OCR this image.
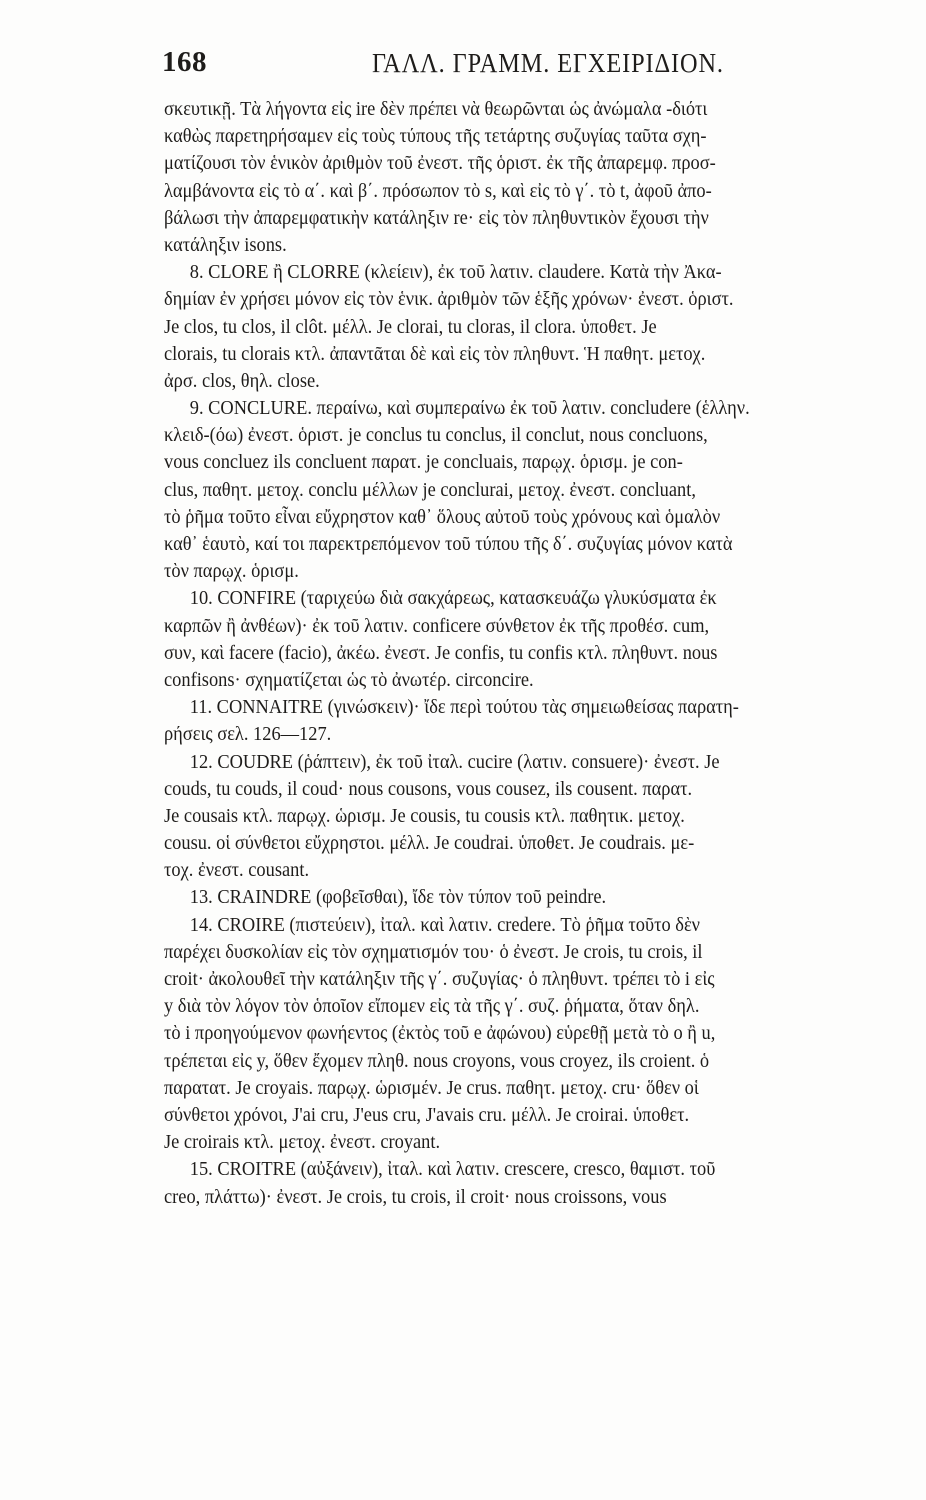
168	ΓΑΛΛ. ΓΡΑΜΜ. ΕΓΧΕΙΡΙΔΙΟΝ.
σκευτικῇ. Τὰ λήγοντα εἰς ire δὲν πρέπει νὰ θεωρῶνται ὡς ἀνώμαλα -διότι
καθὼς παρετηρήσαμεν εἰς τοὺς τύπους τῆς τετάρτης συζυγίας ταῦτα σχη-
ματίζουσι τὸν ἑνικὸν ἀριθμὸν τοῦ ἐνεστ. τῆς ὁριστ. ἐκ τῆς ἀπαρεμφ. προσ-
λαμβάνοντα εἰς τὸ α΄. καὶ β΄. πρόσωπον τὸ s, καὶ εἰς τὸ γ΄. τὸ t, ἀφοῦ ἀπο-
βάλωσι τὴν ἀπαρεμφατικὴν κατάληξιν re· εἰς τὸν πληθυντικὸν ἔχουσι τὴν
κατάληξιν isons.
8. CLORE ἢ CLORRE (κλείειν), ἐκ τοῦ λατιν. claudere. Κατὰ τὴν Ἀκα-
δημίαν ἐν χρήσει μόνον εἰς τὸν ἑνικ. ἀριθμὸν τῶν ἑξῆς χρόνων· ἐνεστ. ὁριστ.
Je clos, tu clos, il clôt. μέλλ. Je clorai, tu cloras, il clora. ὑποθετ. Je
clorais, tu clorais κτλ. ἀπαντᾶται δὲ καὶ εἰς τὸν πληθυντ. Ἡ παθητ. μετοχ.
ἀρσ. clos, θηλ. close.
9. CONCLURE. περαίνω, καὶ συμπεραίνω ἐκ τοῦ λατιν. concludere (ἑλλην.
κλειδ-(όω) ἐνεστ. ὁριστ. je conclus tu conclus, il conclut, nous concluons,
vous concluez ils concluent παρατ. je concluais, παρῳχ. ὁρισμ. je con-
clus, παθητ. μετοχ. conclu μέλλων je conclurai, μετοχ. ἐνεστ. concluant,
τὸ ῥῆμα τοῦτο εἶναι εὔχρηστον καθ᾽ ὅλους αὐτοῦ τοὺς χρόνους καὶ ὁμαλὸν
καθ᾽ ἑαυτὸ, καί τοι παρεκτρεπόμενον τοῦ τύπου τῆς δ΄. συζυγίας μόνον κατὰ
τὸν παρῳχ. ὁρισμ.
10. CONFIRE (ταριχεύω διὰ σακχάρεως, κατασκευάζω γλυκύσματα ἐκ
καρπῶν ἢ ἀνθέων)· ἐκ τοῦ λατιν. conficere σύνθετον ἐκ τῆς προθέσ. cum,
συν, καὶ facere (facio), ἀκέω. ἐνεστ. Je confis, tu confis κτλ. πληθυντ. nous
confisons· σχηματίζεται ὡς τὸ ἀνωτέρ. circoncire.
11. CONNAITRE (γινώσκειν)· ἴδε περὶ τούτου τὰς σημειωθείσας παρατη-
ρήσεις σελ. 126—127.
12. COUDRE (ῥάπτειν), ἐκ τοῦ ἰταλ. cucire (λατιν. consuere)· ἐνεστ. Je
couds, tu couds, il coud· nous cousons, vous cousez, ils cousent. παρατ.
Je cousais κτλ. παρῳχ. ὡρισμ. Je cousis, tu cousis κτλ. παθητικ. μετοχ.
cousu. οἱ σύνθετοι εὔχρηστοι. μέλλ. Je coudrai. ὑποθετ. Je coudrais. με-
τοχ. ἐνεστ. cousant.
13. CRAINDRE (φοβεῖσθαι), ἴδε τὸν τύπον τοῦ peindre.
14. CROIRE (πιστεύειν), ἰταλ. καὶ λατιν. credere. Τὸ ῥῆμα τοῦτο δὲν
παρέχει δυσκολίαν εἰς τὸν σχηματισμόν του· ὁ ἐνεστ. Je crois, tu crois, il
croit· ἀκολουθεῖ τὴν κατάληξιν τῆς γ΄. συζυγίας· ὁ πληθυντ. τρέπει τὸ i εἰς
y διὰ τὸν λόγον τὸν ὁποῖον εἴπομεν εἰς τὰ τῆς γ΄. συζ. ῥήματα, ὅταν δηλ.
τὸ i προηγούμενον φωνήεντος (ἐκτὸς τοῦ e ἀφώνου) εὑρεθῇ μετὰ τὸ o ἢ u,
τρέπεται εἰς y, ὅθεν ἔχομεν πληθ. nous croyons, vous croyez, ils croient. ὁ
παρατατ. Je croyais. παρῳχ. ὡρισμέν. Je crus. παθητ. μετοχ. cru· ὅθεν οἱ
σύνθετοι χρόνοι, J'ai cru, J'eus cru, J'avais cru. μέλλ. Je croirai. ὑποθετ.
Je croirais κτλ. μετοχ. ἐνεστ. croyant.
15. CROITRE (αὐξάνειν), ἰταλ. καὶ λατιν. crescere, cresco, θαμιστ. τοῦ
creo, πλάττω)· ἐνεστ. Je crois, tu crois, il croit· nous croissons, vous
